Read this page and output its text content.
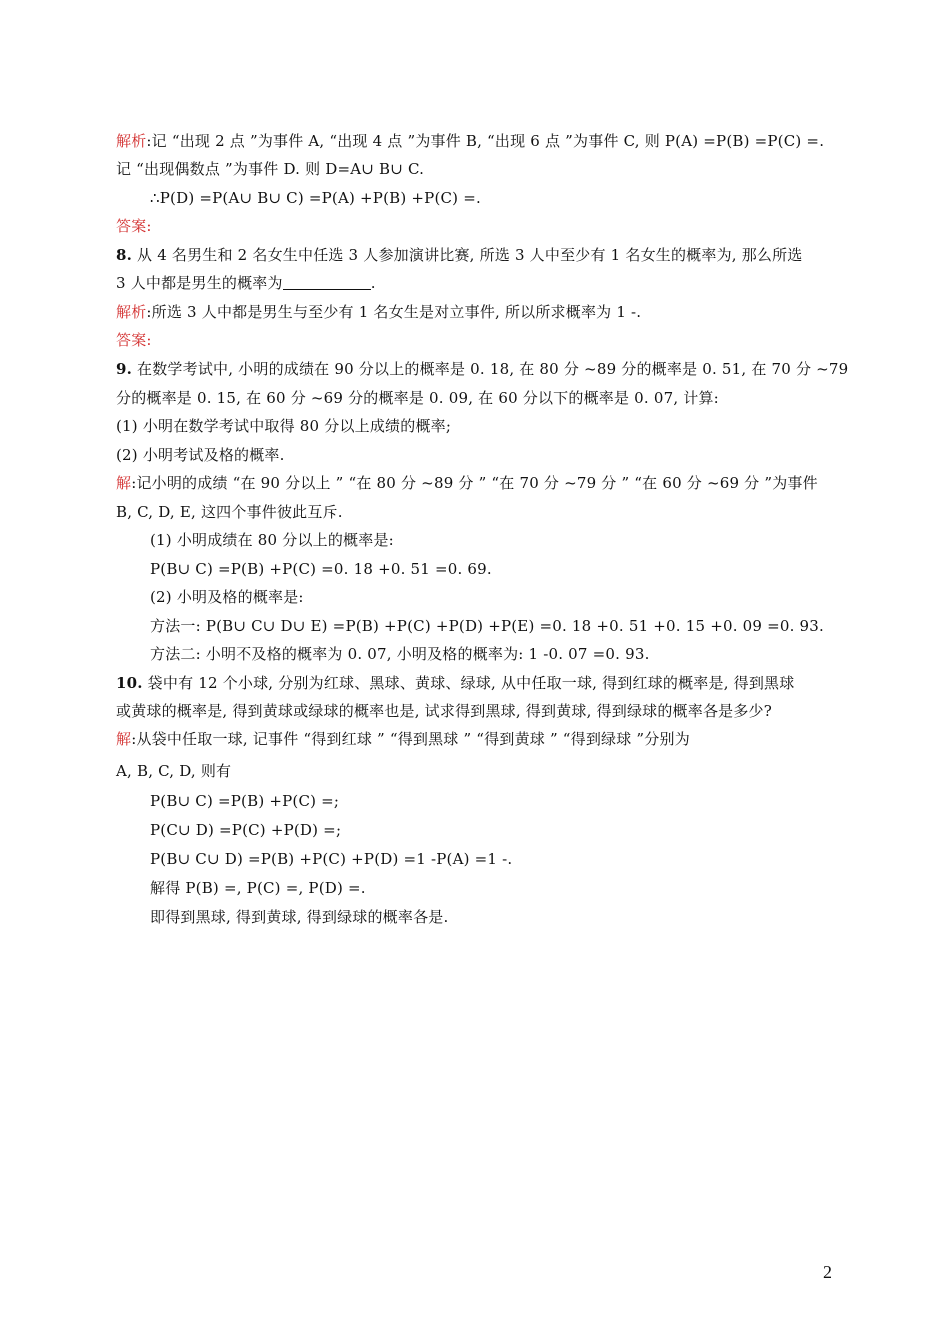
解析:记 “出现 2 点 ”为事件 A, “出现 4 点 ”为事件 B, “出现 6 点 ”为事件 C, 则 P(A) =P(B) =P(C) =.
记 “出现偶数点 ”为事件 D. 则 D=A∪ B∪ C.
∴P(D) =P(A∪ B∪ C) =P(A) +P(B) +P(C) =.
答案:
8. 从 4 名男生和 2 名女生中任选 3 人参加演讲比赛, 所选 3 人中至少有 1 名女生的概率为, 那么所选
3 人中都是男生的概率为	.
解析:所选 3 人中都是男生与至少有 1 名女生是对立事件, 所以所求概率为 1 -.
答案:
9. 在数学考试中, 小明的成绩在 90 分以上的概率是 0. 18, 在 80 分 ~89 分的概率是 0. 51, 在 70 分 ~79
分的概率是 0. 15, 在 60 分 ~69 分的概率是 0. 09, 在 60 分以下的概率是 0. 07, 计算:
(1) 小明在数学考试中取得 80 分以上成绩的概率;
(2) 小明考试及格的概率.
解:记小明的成绩 “在 90 分以上 ” “在 80 分 ~89 分 ” “在 70 分 ~79 分 ” “在 60 分 ~69 分 ”为事件
B, C, D, E, 这四个事件彼此互斥.
(1) 小明成绩在 80 分以上的概率是:
P(B∪ C) =P(B) +P(C) =0. 18 +0. 51 =0. 69.
(2) 小明及格的概率是:
方法一: P(B∪ C∪ D∪ E) =P(B) +P(C) +P(D) +P(E) =0. 18 +0. 51 +0. 15 +0. 09 =0. 93.
方法二: 小明不及格的概率为 0. 07, 小明及格的概率为: 1 -0. 07 =0. 93.
10. 袋中有 12 个小球, 分别为红球、黑球、黄球、绿球, 从中任取一球, 得到红球的概率是, 得到黑球
或黄球的概率是, 得到黄球或绿球的概率也是, 试求得到黑球, 得到黄球, 得到绿球的概率各是多少?
解:从袋中任取一球, 记事件 “得到红球 ” “得到黑球 ” “得到黄球 ” “得到绿球 ”分别为
A, B, C, D, 则有
P(B∪ C) =P(B) +P(C) =;
P(C∪ D) =P(C) +P(D) =;
P(B∪ C∪ D) =P(B) +P(C) +P(D) =1 -P(A) =1 -.
解得 P(B) =, P(C) =, P(D) =.
即得到黑球, 得到黄球, 得到绿球的概率各是.
2
